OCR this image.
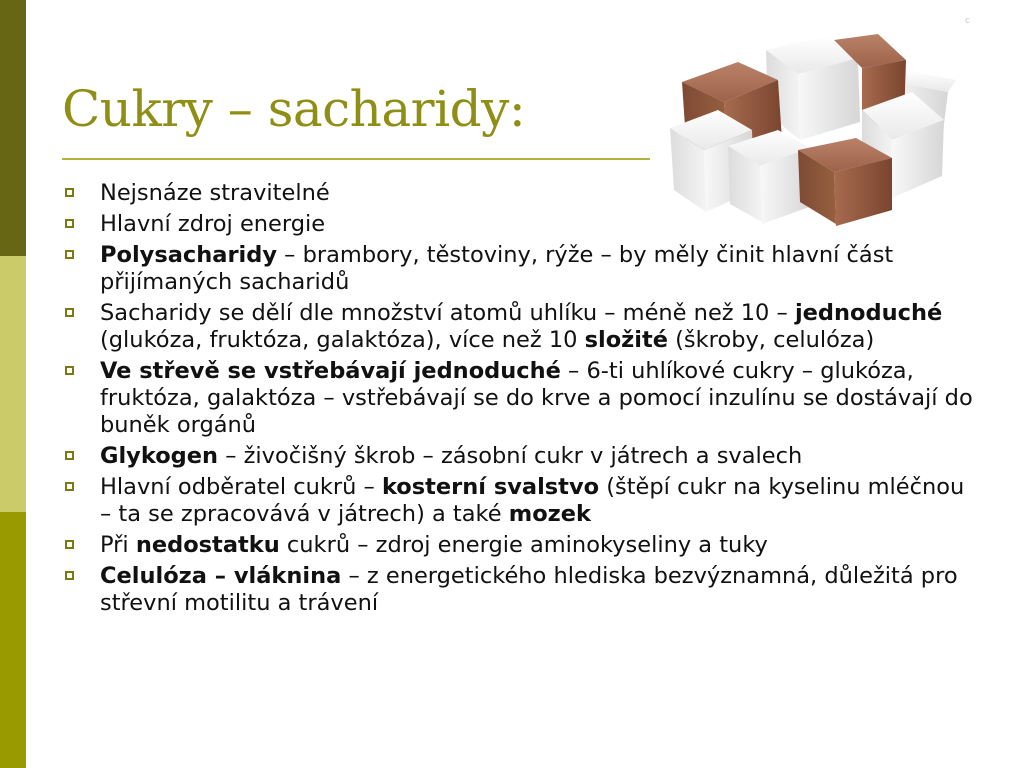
Cukry – sacharidy:
c
Nejsnáze stravitelné
Hlavní zdroj energie
Polysacharidy – brambory, těstoviny, rýže – by měly činit hlavní část přijímaných sacharidů
Sacharidy se dělí dle množství atomů uhlíku – méně než 10 – jednoduché (glukóza, fruktóza, galaktóza), více než 10 složité (škroby, celulóza)
Ve střevě se vstřebávají jednoduché – 6-ti uhlíkové cukry – glukóza, fruktóza, galaktóza – vstřebávají se do krve a pomocí inzulínu se dostávají do buněk orgánů
Glykogen – živočišný škrob – zásobní cukr v játrech a svalech
Hlavní odběratel cukrů – kosterní svalstvo (štěpí cukr na kyselinu mléčnou – ta se zpracovává v játrech) a také mozek
Při nedostatku cukrů – zdroj energie aminokyseliny a tuky
Celulóza – vláknina – z energetického hlediska bezvýznamná, důležitá pro střevní motilitu a trávení
